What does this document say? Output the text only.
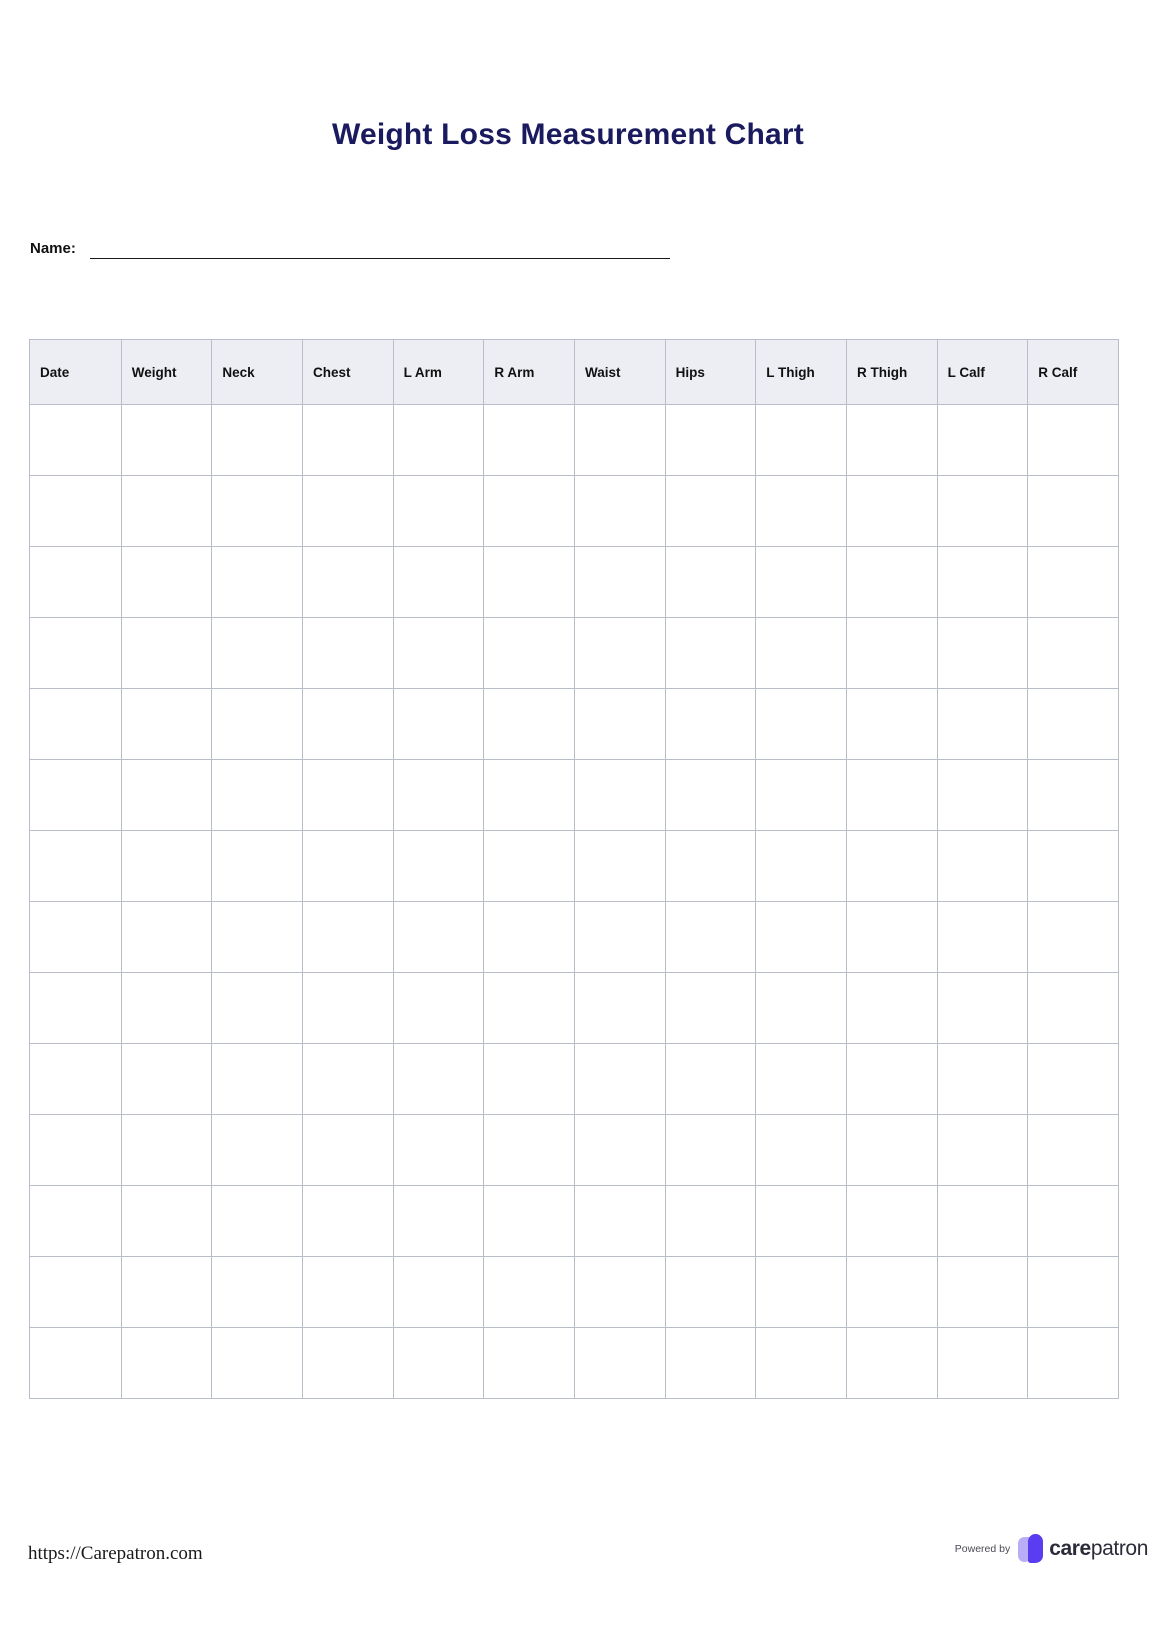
Weight Loss Measurement Chart
Name:
Date	Weight	Neck	Chest	L Arm	R Arm	Waist	Hips	L Thigh	R Thigh	L Calf	R Calf

https://Carepatron.com	Powered by carepatron
